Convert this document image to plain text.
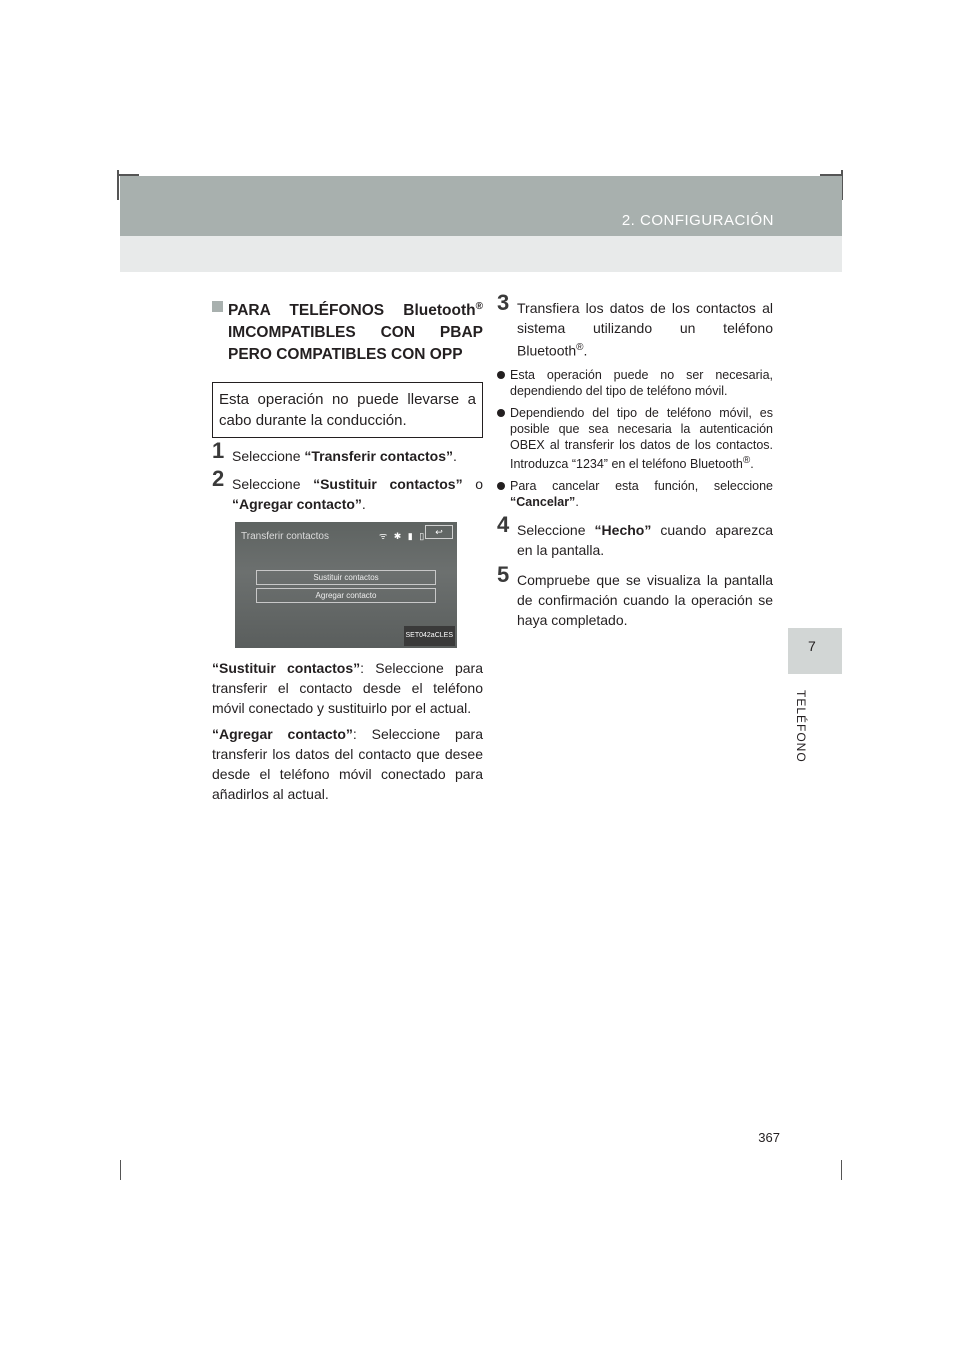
2. CONFIGURACIÓN
7
TELÉFONO
PARA TELÉFONOS Bluetooth®
IMCOMPATIBLES CON PBAP
PERO COMPATIBLES CON OPP
Esta operación no puede llevarse a cabo durante la conducción.
1 Seleccione “Transferir contactos”.
2 Seleccione “Sustituir contactos” o “Agregar contacto”.
Transferir contactos	ᯤ ✱ ▮ ▯	↩
Sustituir contactos
Agregar contacto
SET042aCLES
“Sustituir contactos”: Seleccione para transferir el contacto desde el teléfono móvil conectado y sustituirlo por el actual.
“Agregar contacto”: Seleccione para transferir los datos del contacto que desee desde el teléfono móvil conectado para añadirlos al actual.
3 Transfiera los datos de los contactos al sistema utilizando un teléfono Bluetooth®.
Esta operación puede no ser necesaria, dependiendo del tipo de teléfono móvil.
Dependiendo del tipo de teléfono móvil, es posible que sea necesaria la autenticación OBEX al transferir los datos de los contactos. Introduzca “1234” en el teléfono Bluetooth®.
Para cancelar esta función, seleccione “Cancelar”.
4 Seleccione “Hecho” cuando aparezca en la pantalla.
5 Compruebe que se visualiza la pantalla de confirmación cuando la operación se haya completado.
367
